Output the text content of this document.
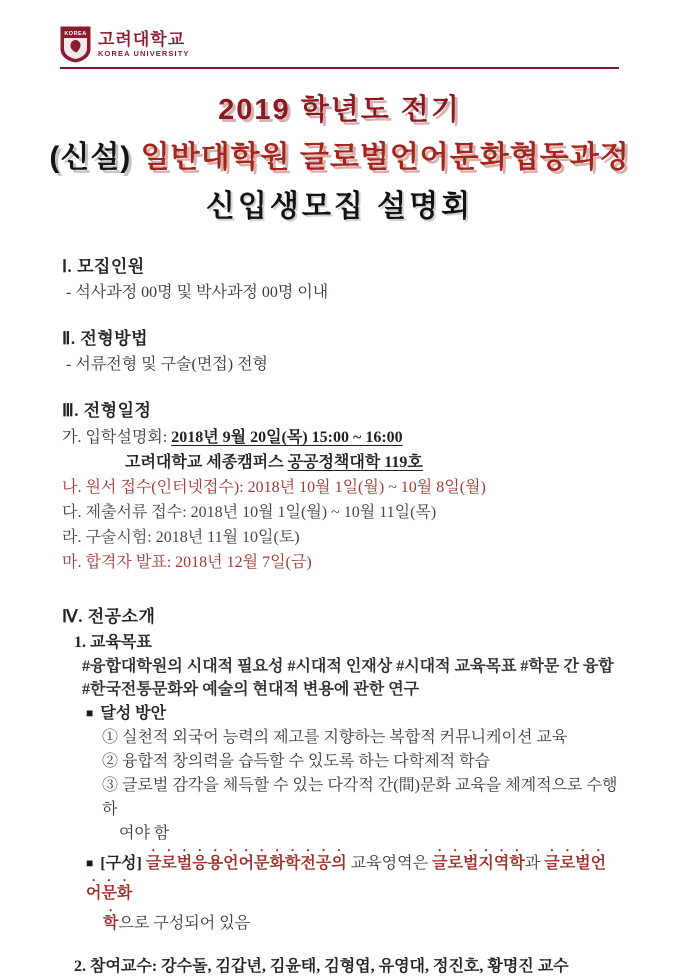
KOREA 고려대학교
KOREA UNIVERSITY
2019 학년도 전기
(신설) 일반대학원 글로벌언어문화협동과정
신입생모집 설명회
Ⅰ. 모집인원
- 석사과정 00명 및 박사과정 00명 이내
Ⅱ. 전형방법
- 서류전형 및 구술(면접) 전형
Ⅲ. 전형일정
가. 입학설명회: 2018년 9월 20일(목) 15:00 ~ 16:00
고려대학교 세종캠퍼스 공공정책대학 119호
나. 원서 접수(인터넷접수): 2018년 10월 1일(월) ~ 10월 8일(월)
다. 제출서류 접수: 2018년 10월 1일(월) ~ 10월 11일(목)
라. 구술시험: 2018년 11월 10일(토)
마. 합격자 발표: 2018년 12월 7일(금)
Ⅳ. 전공소개
1. 교육목표
#융합대학원의 시대적 필요성 #시대적 인재상 #시대적 교육목표 #학문 간 융합
#한국전통문화와 예술의 현대적 변용에 관한 연구
■ 달성 방안
① 실천적 외국어 능력의 제고를 지향하는 복합적 커뮤니케이션 교육
② 융합적 창의력을 습득할 수 있도록 하는 다학제적 학습
③ 글로벌 감각을 체득할 수 있는 다각적 간(間)문화 교육을 체계적으로 수행하
여야 함
■ [구성] 글로벌응용언어문화학전공의 교육영역은 글로벌지역학과 글로벌언어문화
학으로 구성되어 있음
2. 참여교수: 강수돌, 김갑년, 김윤태, 김형엽, 유영대, 정진호, 황명진 교수
